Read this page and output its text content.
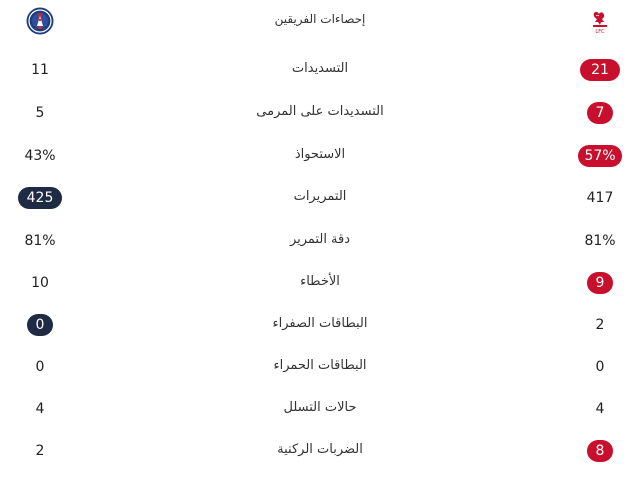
إحصاءات الفريقين
LFC
11	التسديدات	21
5	التسديدات على المرمى	7
43%	الاستحواذ	57%
425	التمريرات	417
81%	دقة التمرير	81%
10	الأخطاء	9
0	البطاقات الصفراء	2
0	البطاقات الحمراء	0
4	حالات التسلل	4
2	الضربات الركنية	8
